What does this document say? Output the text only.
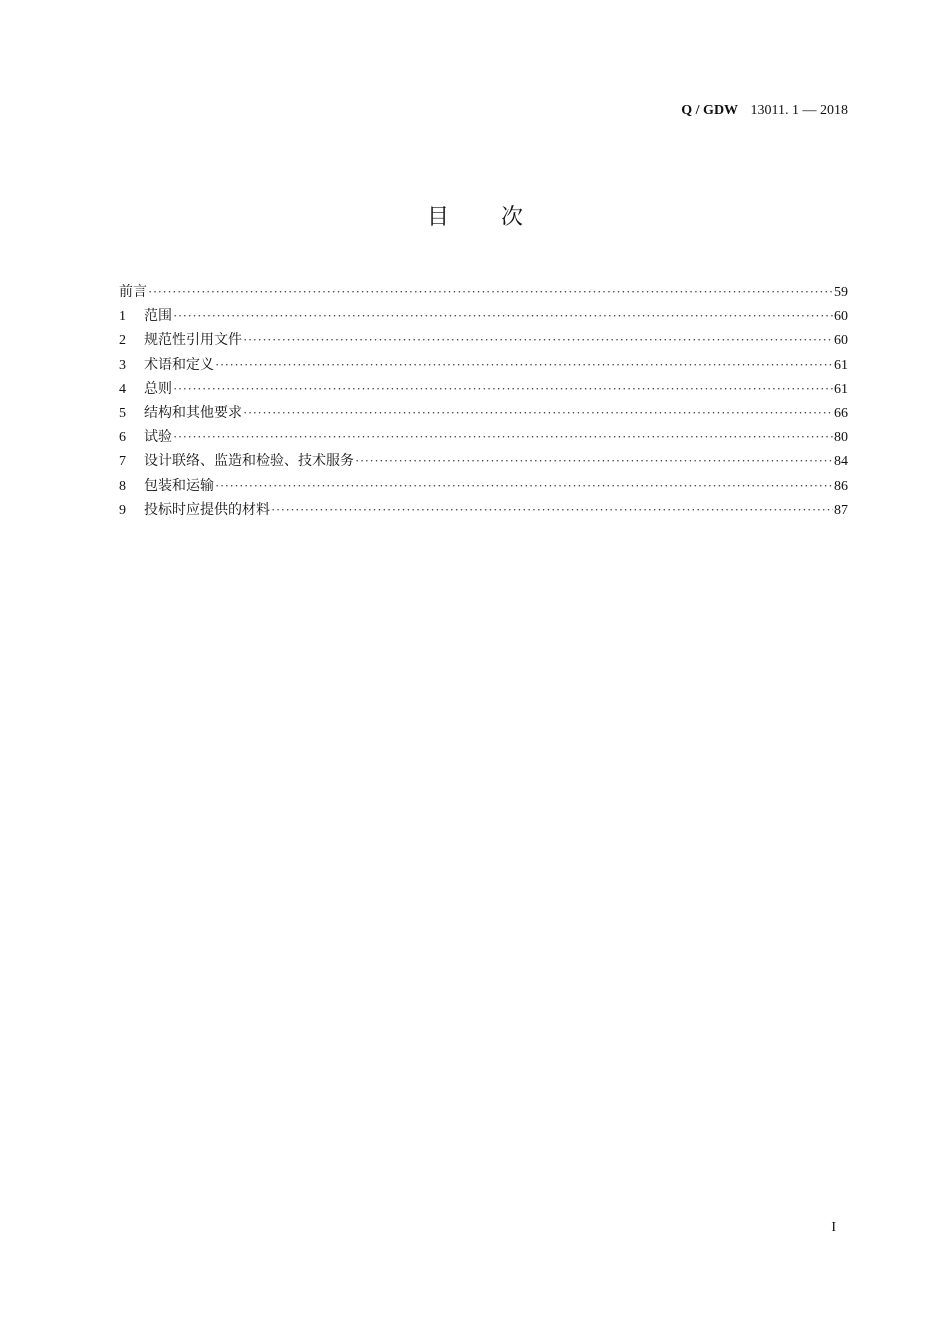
Q / GDW 13011. 1 — 2018
目次
前言 ·····	59
1	范围 ·····	60
2	规范性引用文件 ·····	60
3	术语和定义 ·····	61
4	总则 ·····	61
5	结构和其他要求 ·····	66
6	试验 ·····	80
7	设计联络、监造和检验、技术服务 ·····	84
8	包装和运输 ·····	86
9	投标时应提供的材料 ·····	87
I
